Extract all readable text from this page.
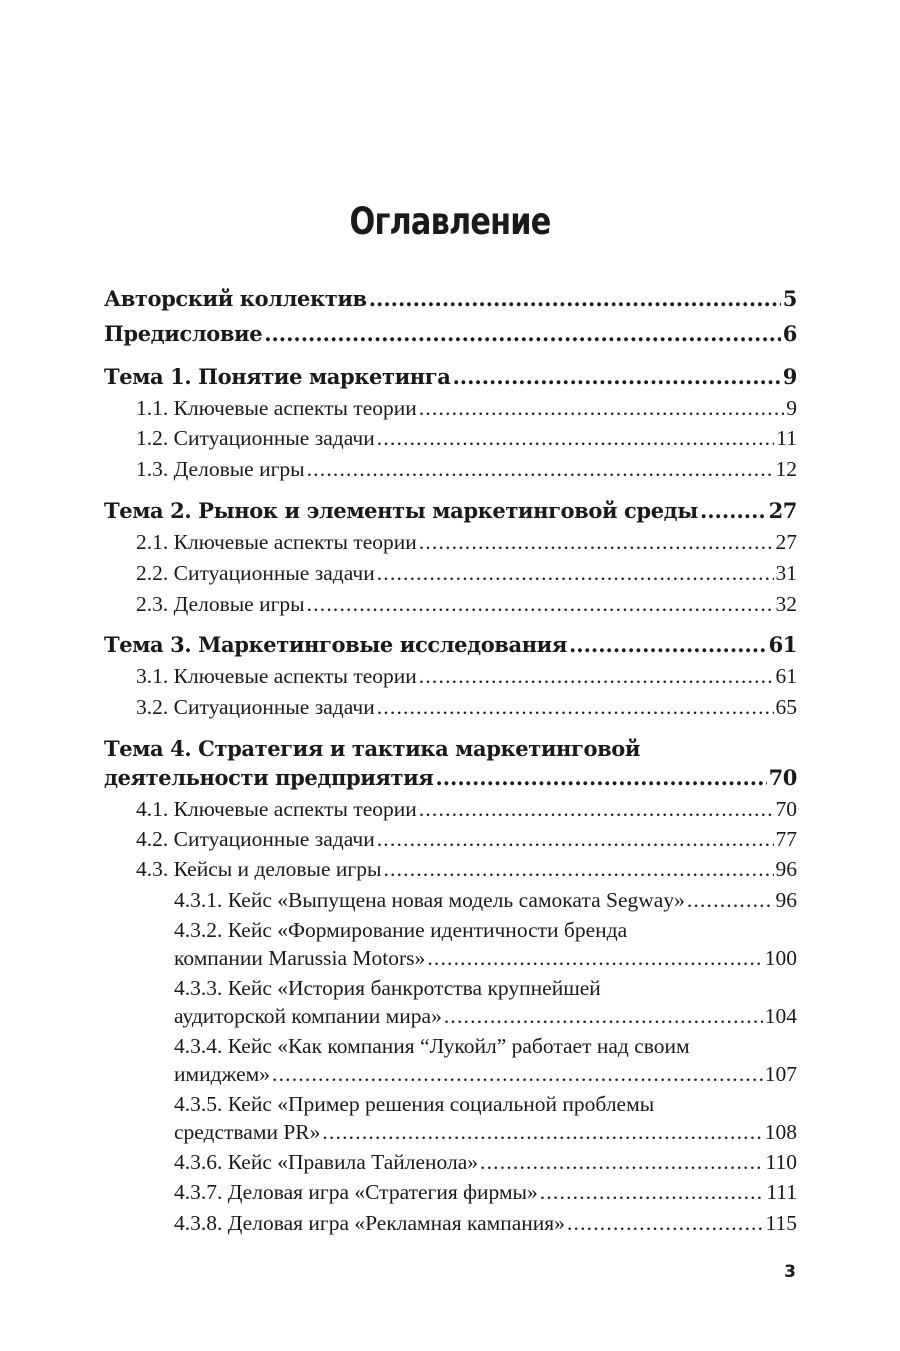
Оглавление
Авторский коллектив .....	5
Предисловие .....	6
Тема 1. Понятие маркетинга .....	9
1.1. Ключевые аспекты теории .....	9
1.2. Ситуационные задачи .....	11
1.3. Деловые игры .....	12
Тема 2. Рынок и элементы маркетинговой среды .....	27
2.1. Ключевые аспекты теории .....	27
2.2. Ситуационные задачи .....	31
2.3. Деловые игры .....	32
Тема 3. Маркетинговые исследования .....	61
3.1. Ключевые аспекты теории .....	61
3.2. Ситуационные задачи .....	65
Тема 4. Стратегия и тактика маркетинговой
деятельности предприятия .....	70
4.1. Ключевые аспекты теории .....	70
4.2. Ситуационные задачи .....	77
4.3. Кейсы и деловые игры .....	96
4.3.1. Кейс «Выпущена новая модель самоката Segway» .....	96
4.3.2. Кейс «Формирование идентичности бренда
компании Marussia Motors» .....	100
4.3.3. Кейс «История банкротства крупнейшей
аудиторской компании мира» .....	104
4.3.4. Кейс «Как компания “Лукойл” работает над своим
имиджем» .....	107
4.3.5. Кейс «Пример решения социальной проблемы
средствами PR» .....	108
4.3.6. Кейс «Правила Тайленола» .....	110
4.3.7. Деловая игра «Стратегия фирмы» .....	111
4.3.8. Деловая игра «Рекламная кампания» .....	115
3
